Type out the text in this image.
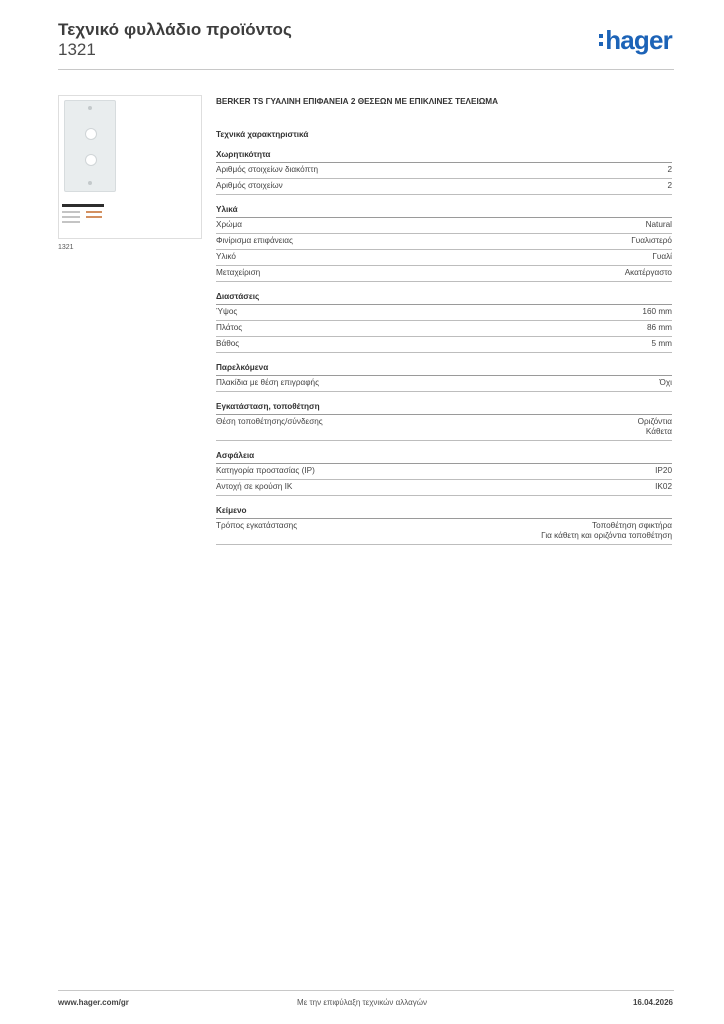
Τεχνικό φυλλάδιο προϊόντος
1321	hager
1321
BERKER TS ΓΥΑΛΙΝΗ ΕΠΙΦΑΝΕΙΑ 2 ΘΕΣΕΩΝ ΜΕ ΕΠΙΚΛΙΝΕΣ ΤΕΛΕΙΩΜΑ
Τεχνικά χαρακτηριστικά
Χωρητικότητα
Αριθμός στοιχείων διακόπτη	2
Αριθμός στοιχείων	2
Υλικά
Χρώμα	Natural
Φινίρισμα επιφάνειας	Γυαλιστερό
Υλικό	Γυαλί
Μεταχείριση	Ακατέργαστο
Διαστάσεις
Ύψος	160 mm
Πλάτος	86 mm
Βάθος	5 mm
Παρελκόμενα
Πλακίδια με θέση επιγραφής	Όχι
Εγκατάσταση, τοποθέτηση
Θέση τοποθέτησης/σύνδεσης	Οριζόντια
Κάθετα
Ασφάλεια
Κατηγορία προστασίας (IP)	IP20
Αντοχή σε κρούση IK	IK02
Κείμενο
Τρόπος εγκατάστασης	Τοποθέτηση σφικτήρα
Για κάθετη και οριζόντια τοποθέτηση
Με την επιφύλαξη τεχνικών αλλαγών
www.hager.com/gr	16.04.2026
